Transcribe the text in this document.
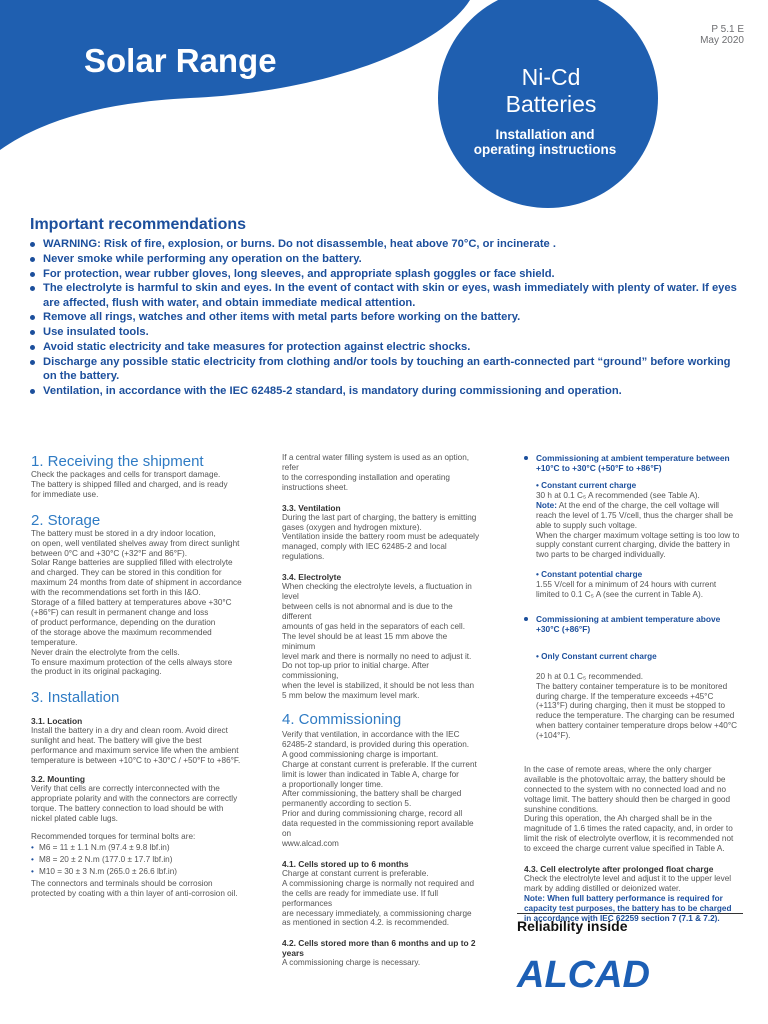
P 5.1 E
May 2020
Solar Range	Ni-Cd
Batteries
Installation and operating instructions
Important recommendations
WARNING: Risk of fire, explosion, or burns. Do not disassemble, heat above 70°C, or incinerate .
Never smoke while performing any operation on the battery.
For protection, wear rubber gloves, long sleeves, and appropriate splash goggles or face shield.
The electrolyte is harmful to skin and eyes. In the event of contact with skin or eyes, wash immediately with plenty of water. If eyes are affected, flush with water, and obtain immediate medical attention.
Remove all rings, watches and other items with metal parts before working on the battery.
Use insulated tools.
Avoid static electricity and take measures for protection against electric shocks.
Discharge any possible static electricity from clothing and/or tools by touching an earth-connected part “ground” before working on the battery.
Ventilation, in accordance with the IEC 62485-2 standard, is mandatory during commissioning and operation.
1. Receiving the shipment
Check the packages and cells for transport damage.
The battery is shipped filled and charged, and is ready
for immediate use.
2. Storage
The battery must be stored in a dry indoor location,
on open, well ventilated shelves away from direct sunlight
between 0°C and +30°C (+32°F and 86°F).
Solar Range batteries are supplied filled with electrolyte
and charged. They can be stored in this condition for
maximum 24 months from date of shipment in accordance
with the recommendations set forth in this I&O.
Storage of a filled battery at temperatures above +30°C
(+86°F) can result in permanent change and loss
of product performance, depending on the duration
of the storage above the maximum recommended
temperature.
Never drain the electrolyte from the cells.
To ensure maximum protection of the cells always store
the product in its original packaging.
3. Installation
3.1. Location
Install the battery in a dry and clean room. Avoid direct
sunlight and heat. The battery will give the best
performance and maximum service life when the ambient
temperature is between +10°C to +30°C / +50°F to +86°F.
3.2. Mounting
Verify that cells are correctly interconnected with the
appropriate polarity and with the connectors are correctly
torque. The battery connection to load should be with
nickel plated cable lugs.
Recommended torques for terminal bolts are:
• M6 = 11 ± 1.1 N.m (97.4 ± 9.8 lbf.in)
• M8 = 20 ± 2 N.m (177.0 ± 17.7 lbf.in)
• M10 = 30 ± 3 N.m (265.0 ± 26.6 lbf.in)
The connectors and terminals should be corrosion
protected by coating with a thin layer of anti-corrosion oil.
If a central water filling system is used as an option, refer
to the corresponding installation and operating
instructions sheet.
3.3. Ventilation
During the last part of charging, the battery is emitting
gases (oxygen and hydrogen mixture).
Ventilation inside the battery room must be adequately
managed, comply with IEC 62485-2 and local
regulations.
3.4. Electrolyte
When checking the electrolyte levels, a fluctuation in level
between cells is not abnormal and is due to the different
amounts of gas held in the separators of each cell.
The level should be at least 15 mm above the minimum
level mark and there is normally no need to adjust it.
Do not top-up prior to initial charge. After commissioning,
when the level is stabilized, it should be not less than
5 mm below the maximum level mark.
4. Commissioning
Verify that ventilation, in accordance with the IEC
62485-2 standard, is provided during this operation.
A good commissioning charge is important.
Charge at constant current is preferable. If the current
limit is lower than indicated in Table A, charge for
a proportionally longer time.
After commissioning, the battery shall be charged
permanently according to section 5.
Prior and during commissioning charge, record all
data requested in the commissioning report available on
www.alcad.com
4.1. Cells stored up to 6 months
Charge at constant current is preferable.
A commissioning charge is normally not required and
the cells are ready for immediate use. If full performances
are necessary immediately, a commissioning charge
as mentioned in section 4.2. is recommended.
4.2. Cells stored more than 6 months and up to 2 years
A commissioning charge is necessary.
Commissioning at ambient temperature between +10°C to +30°C (+50°F to +86°F)
• Constant current charge
30 h at 0.1 C₅ A recommended (see Table A).
Note: At the end of the charge, the cell voltage will reach the level of 1.75 V/cell, thus the charger shall be able to supply such voltage.
When the charger maximum voltage setting is too low to supply constant current charging, divide the battery in two parts to be charged individually.
• Constant potential charge
1.55 V/cell for a minimum of 24 hours with current limited to 0.1 C₅ A (see the current in Table A).
Commissioning at ambient temperature above +30°C (+86°F)

• Only Constant current charge

20 h at 0.1 C₅ recommended.
The battery container temperature is to be monitored during charge. If the temperature exceeds +45°C (+113°F) during charging, then it must be stopped to reduce the temperature. The charging can be resumed when battery container temperature drops below +40°C (+104°F).

In the case of remote areas, where the only charger available is the photovoltaic array, the battery should be connected to the system with no connected load and no voltage limit. The battery should then be charged in good sunshine conditions.
During this operation, the Ah charged shall be in the magnitude of 1.6 times the rated capacity, and, in order to limit the risk of electrolyte overflow, it is recommended not to exceed the charge current value specified in Table A.
4.3. Cell electrolyte after prolonged float charge
Check the electrolyte level and adjust it to the upper level mark by adding distilled or deionized water.
Note: When full battery performance is required for capacity test purposes, the battery has to be charged in accordance with IEC 62259 section 7 (7.1 & 7.2).
Reliability inside
ALCAD
